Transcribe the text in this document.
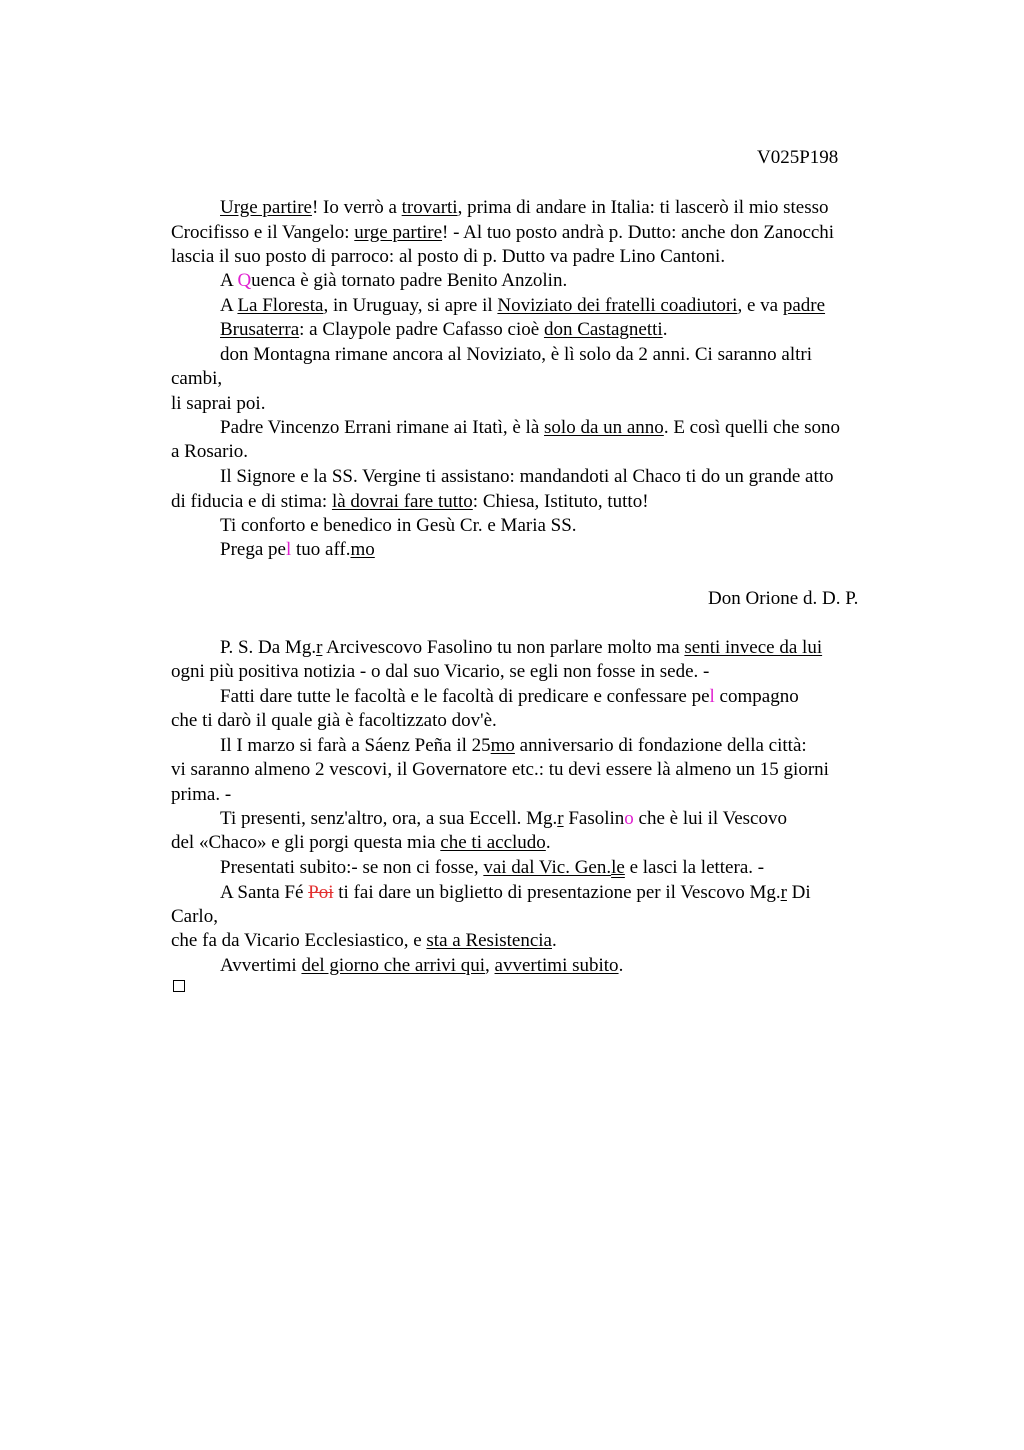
V025P198
Urge partire! Io verrò a trovarti, prima di andare in Italia: ti lascerò il mio stesso
Crocifisso e il Vangelo: urge partire! - Al tuo posto andrà p. Dutto: anche don Zanocchi
lascia il suo posto di parroco: al posto di p. Dutto va padre Lino Cantoni.
A Quenca è già tornato padre Benito Anzolin.
A La Floresta, in Uruguay, si apre il Noviziato dei fratelli coadiutori, e va padre
Brusaterra: a Claypole padre Cafasso cioè don Castagnetti.
don Montagna rimane ancora al Noviziato, è lì solo da 2 anni. Ci saranno altri
cambi,
li saprai poi.
Padre Vincenzo Errani rimane ai Itatì, è là solo da un anno. E così quelli che sono
a Rosario.
Il Signore e la SS. Vergine ti assistano: mandandoti al Chaco ti do un grande atto
di fiducia e di stima: là dovrai fare tutto: Chiesa, Istituto, tutto!
Ti conforto e benedico in Gesù Cr. e Maria SS.
Prega pel tuo aff.mo
Don Orione d. D. P.
P. S. Da Mg.r Arcivescovo Fasolino tu non parlare molto ma senti invece da lui
ogni più positiva notizia - o dal suo Vicario, se egli non fosse in sede. -
Fatti dare tutte le facoltà e le facoltà di predicare e confessare pel compagno
che ti darò il quale già è facoltizzato dov'è.
Il I marzo si farà a Sáenz Peña il 25mo anniversario di fondazione della città:
vi saranno almeno 2 vescovi, il Governatore etc.: tu devi essere là almeno un 15 giorni
prima. -
Ti presenti, senz'altro, ora, a sua Eccell. Mg.r Fasolino che è lui il Vescovo
del «Chaco» e gli porgi questa mia che ti accludo.
Presentati subito:- se non ci fosse, vai dal Vic. Gen.le e lasci la lettera. -
A Santa Fé Poi ti fai dare un biglietto di presentazione per il Vescovo Mg.r Di
Carlo,
che fa da Vicario Ecclesiastico, e sta a Resistencia.
Avvertimi del giorno che arrivi qui, avvertimi subito.
